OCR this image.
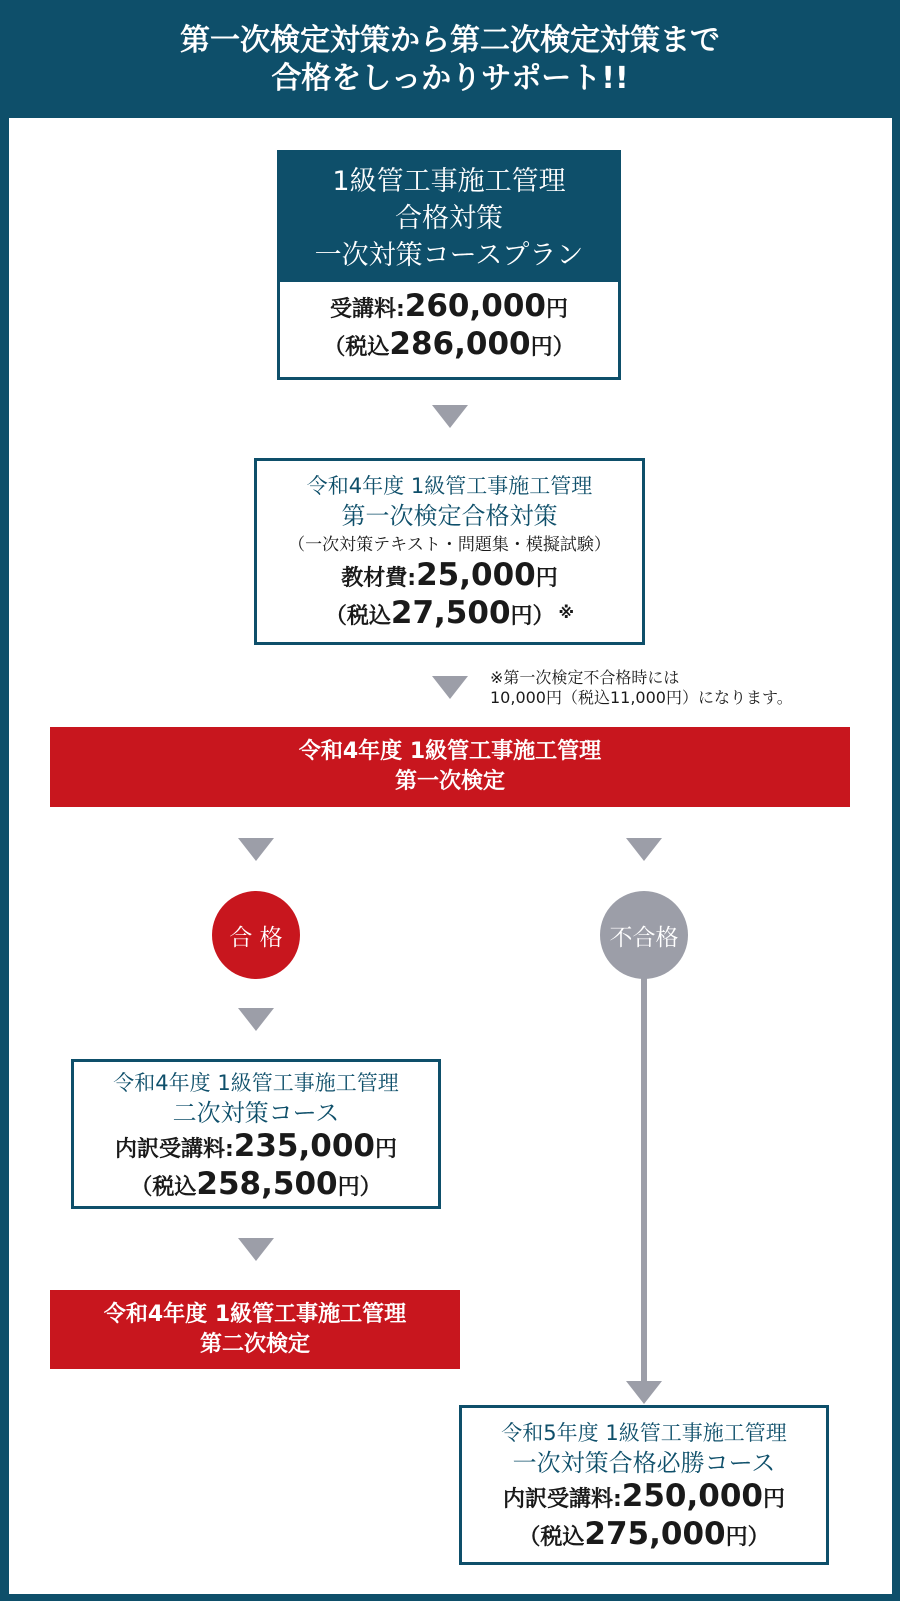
第一次検定対策から第二次検定対策まで
合格をしっかりサポート!!
1級管工事施工管理
合格対策
一次対策コースプラン
受講料:260,000円
（税込286,000円）
令和4年度 1級管工事施工管理
第一次検定合格対策
（一次対策テキスト・問題集・模擬試験）
教材費:25,000円
（税込27,500円） ※
※第一次検定不合格時には
10,000円（税込11,000円）になります。
令和4年度 1級管工事施工管理
第一次検定
合 格	不合格
令和4年度 1級管工事施工管理
二次対策コース
内訳受講料:235,000円
（税込258,500円）
令和4年度 1級管工事施工管理
第二次検定
令和5年度 1級管工事施工管理
一次対策合格必勝コース
内訳受講料:250,000円
（税込275,000円）
